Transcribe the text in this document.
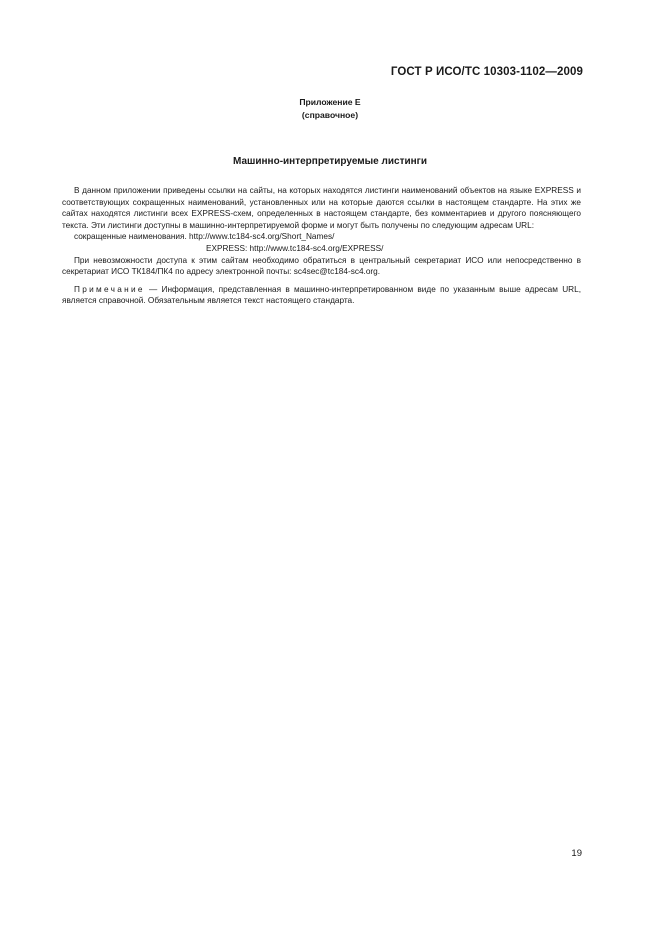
ГОСТ Р ИСО/ТС 10303-1102—2009
Приложение Е
(справочное)
Машинно-интерпретируемые листинги

В данном приложении приведены ссылки на сайты, на которых находятся листинги наименований объектов на языке EXPRESS и соответствующих сокращенных наименований, установленных или на которые даются ссылки в настоящем стандарте. На этих же сайтах находятся листинги всех EXPRESS-схем, определенных в настоящем стандарте, без комментариев и другого поясняющего текста. Эти листинги доступны в машинно-интерпретируемой форме и могут быть получены по следующим адресам URL:

сокращенные наименования. http://www.tc184-sc4.org/Short_Names/

EXPRESS: http://www.tc184-sc4.org/EXPRESS/

При невозможности доступа к этим сайтам необходимо обратиться в центральный секретариат ИСО или непосредственно в секретариат ИСО ТК184/ПК4 по адресу электронной почты: sc4sec@tc184-sc4.org.

Примечание — Информация, представленная в машинно-интерпретированном виде по указанным выше адресам URL, является справочной. Обязательным является текст настоящего стандарта.

19
